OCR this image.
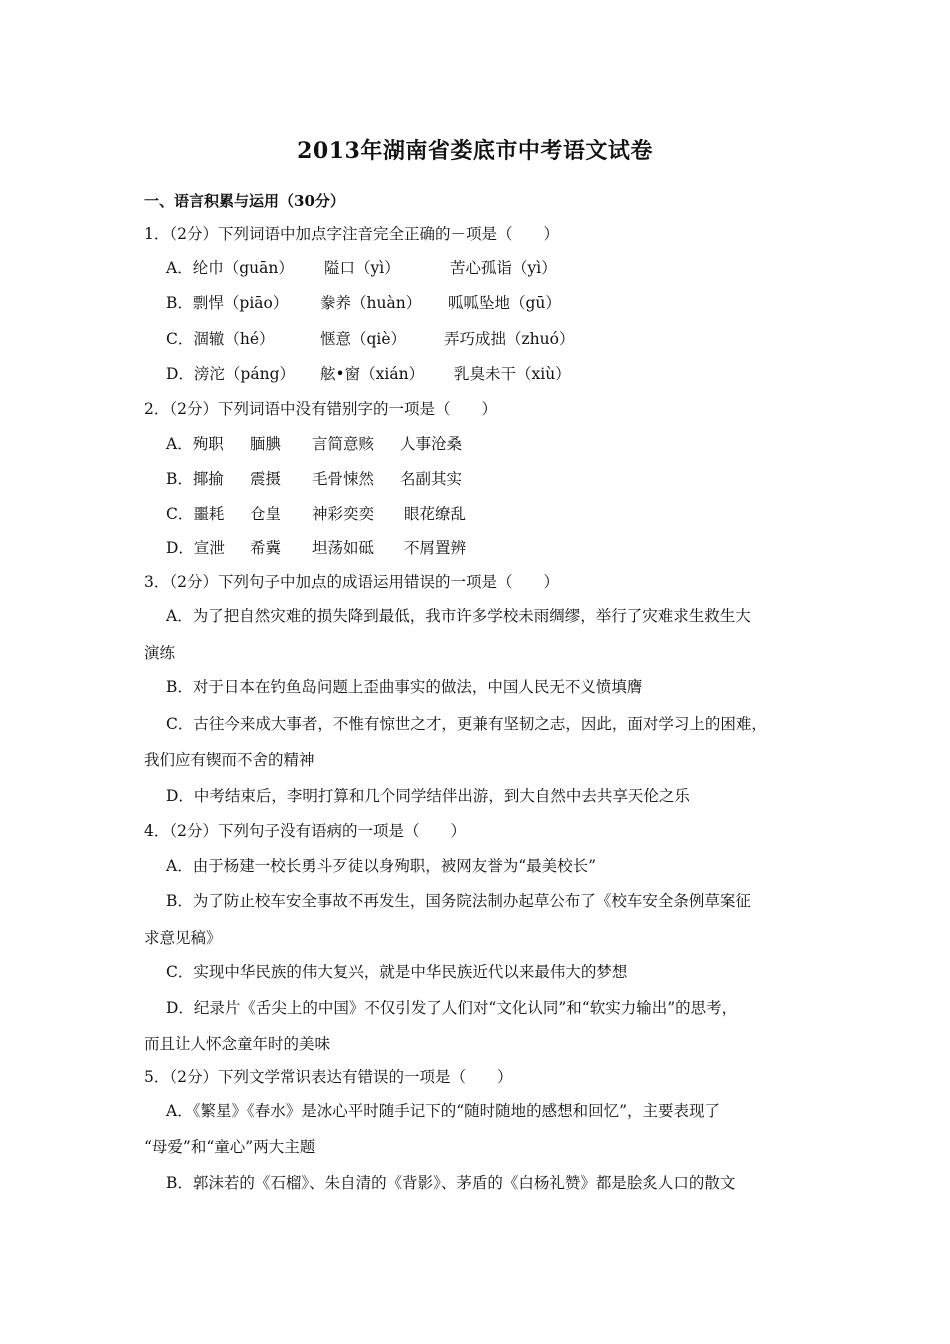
2013年湖南省娄底市中考语文试卷
一、语言积累与运用（30分）
1．（2分）下列词语中加点字注音完全正确的－项是（　　）
A．纶巾（guān） 隘口（yì）	苦心孤诣（yì）
B．剽悍（piāo） 豢养（huàn） 呱呱坠地（gū）
C．涸辙（hé）	惬意（qiè） 弄巧成拙（zhuó）
D．滂沱（páng） 舷•窗（xián） 乳臭未干（xiù）
2．（2分）下列词语中没有错别字的一项是（　　）
A．殉职 腼腆 言简意赅 人事沧桑
B．揶揄 震摄 毛骨悚然 名副其实
C．噩耗 仓皇 神彩奕奕 眼花缭乱
D．宣泄 希冀 坦荡如砥 不屑置辨
3．（2分）下列句子中加点的成语运用错误的一项是（　　）
A．为了把自然灾难的损失降到最低，我市许多学校未雨绸缪，举行了灾难求生救生大
演练
B．对于日本在钓鱼岛问题上歪曲事实的做法，中国人民无不义愤填膺
C．古往今来成大事者，不惟有惊世之才，更兼有坚韧之志，因此，面对学习上的困难，
我们应有锲而不舍的精神
D．中考结束后，李明打算和几个同学结伴出游，到大自然中去共享天伦之乐
4．（2分）下列句子没有语病的一项是（　　）
A．由于杨建一校长勇斗歹徒以身殉职，被网友誉为“最美校长”
B．为了防止校车安全事故不再发生，国务院法制办起草公布了《校车安全条例草案征
求意见稿》
C．实现中华民族的伟大复兴，就是中华民族近代以来最伟大的梦想
D．纪录片《舌尖上的中国》不仅引发了人们对“文化认同”和“软实力输出”的思考，
而且让人怀念童年时的美味
5．（2分）下列文学常识表达有错误的一项是（　　）
A．《繁星》《春水》是冰心平时随手记下的“随时随地的感想和回忆”，主要表现了
“母爱”和“童心”两大主题
B．郭沫若的《石榴》、朱自清的《背影》、茅盾的《白杨礼赞》都是脍炙人口的散文
